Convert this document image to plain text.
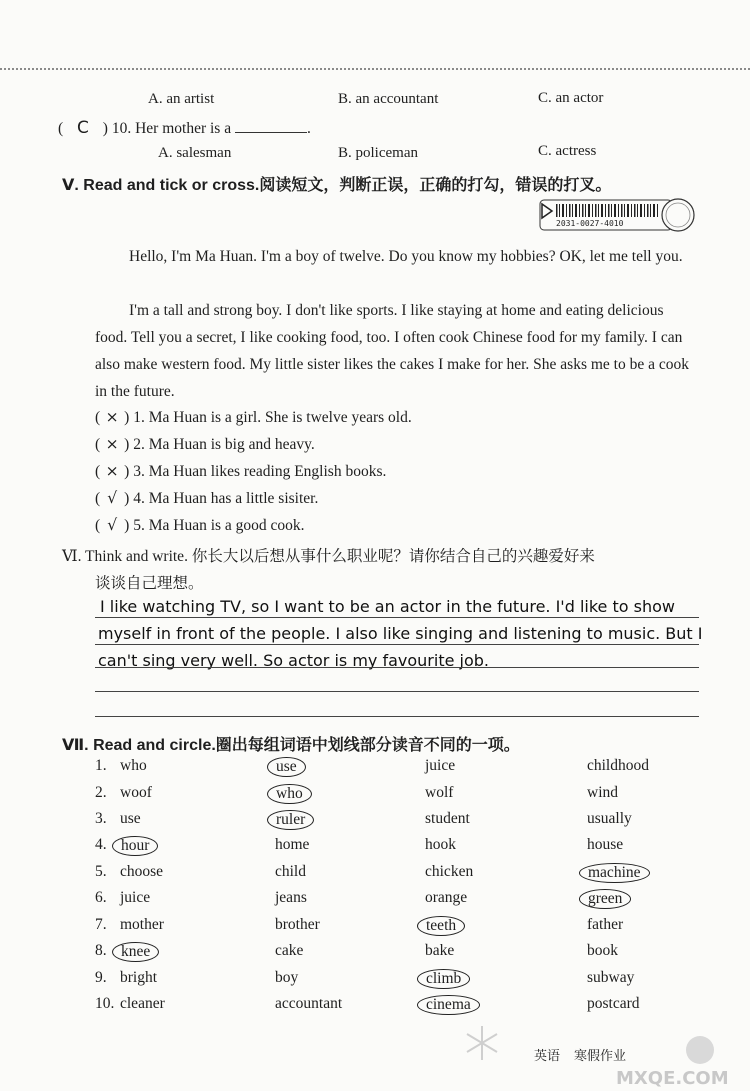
A. an artist	B. an accountant	C. an actor
( C ) 10. Her mother is a	.
A. salesman	B. policeman	C. actress
Ⅴ. Read and tick or cross.阅读短文，判断正误，正确的打勾，错误的打叉。
2031-0027-4010
Hello, I'm Ma Huan. I'm a boy of twelve. Do you know my hobbies? OK, let me tell you.
I'm a tall and strong boy. I don't like sports. I like staying at home and eating delicious food. Tell you a secret, I like cooking food, too. I often cook Chinese food for my family. I can also make western food. My little sister likes the cakes I make for her. She asks me to be a cook in the future.
( × ) 1. Ma Huan is a girl. She is twelve years old.
( × ) 2. Ma Huan is big and heavy.
( × ) 3. Ma Huan likes reading English books.
( √ ) 4. Ma Huan has a little sisiter.
( √ ) 5. Ma Huan is a good cook.
Ⅵ. Think and write. 你长大以后想从事什么职业呢？请你结合自己的兴趣爱好来
谈谈自己理想。
I like watching TV, so I want to be an actor in the future. I'd like to show
myself in front of the people. I also like singing and listening to music. But I
can't sing very well. So actor is my favourite job.
Ⅶ. Read and circle.圈出每组词语中划线部分读音不同的一项。
1. who	use	juice	childhood
2. woof	who	wolf	wind
3. use	ruler	student	usually
4. hour	home	hook	house
5. choose	child	chicken	machine
6. juice	jeans	orange	green
7. mother	brother	teeth	father
8. knee	cake	bake	book
9. bright	boy	climb	subway
10. cleaner	accountant	cinema	postcard
英语 寒假作业
MXQE.COM
